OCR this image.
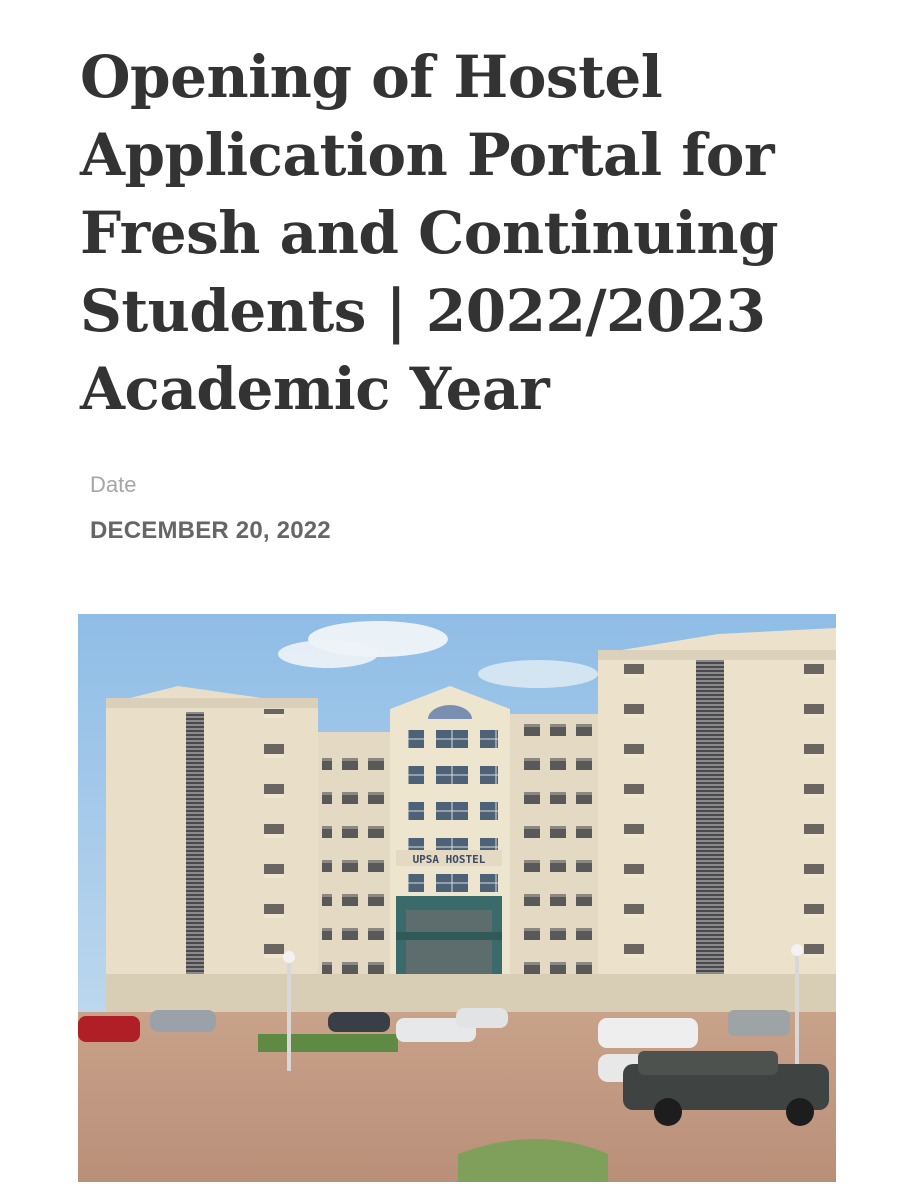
Opening of Hostel Application Portal for Fresh and Continuing Students | 2022/2023 Academic Year
Date
DECEMBER 20, 2022
UPSA HOSTEL
